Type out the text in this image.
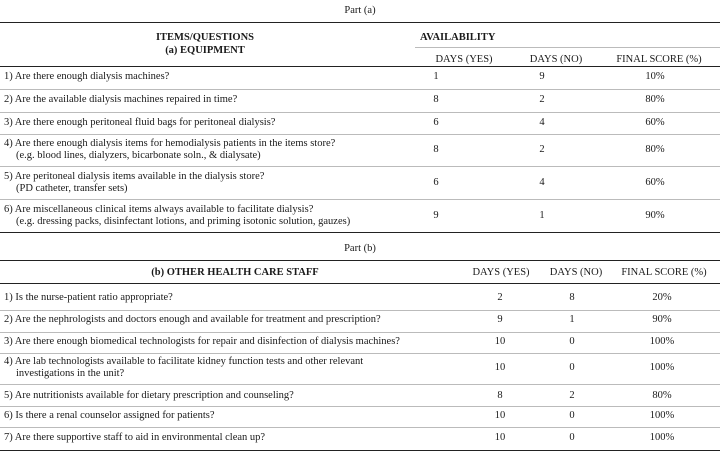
Part (a)
ITEMS/QUESTIONS
(a) EQUIPMENT
AVAILABILITY
DAYS (YES)	DAYS (NO)	FINAL SCORE (%)
1) Are there enough dialysis machines?	1	9	10%
2) Are the available dialysis machines repaired in time?	8	2	80%
3) Are there enough peritoneal fluid bags for peritoneal dialysis?	6	4	60%
4) Are there enough dialysis items for hemodialysis patients in the items store?
(e.g. blood lines, dialyzers, bicarbonate soln., & dialysate)
8	2	80%
5) Are peritoneal dialysis items available in the dialysis store?
(PD catheter, transfer sets)
6	4	60%
6) Are miscellaneous clinical items always available to facilitate dialysis?
(e.g. dressing packs, disinfectant lotions, and priming isotonic solution, gauzes)
9	1	90%
Part (b)
(b) OTHER HEALTH CARE STAFF	DAYS (YES)	DAYS (NO)	FINAL SCORE (%)
1) Is the nurse-patient ratio appropriate?	2	8	20%
2) Are the nephrologists and doctors enough and available for treatment and prescription?	9	1	90%
3) Are there enough biomedical technologists for repair and disinfection of dialysis machines?	10	0	100%
4) Are lab technologists available to facilitate kidney function tests and other relevant
investigations in the unit?
10	0	100%
5) Are nutritionists available for dietary prescription and counseling?	8	2	80%
6) Is there a renal counselor assigned for patients?	10	0	100%
7) Are there supportive staff to aid in environmental clean up?	10	0	100%
